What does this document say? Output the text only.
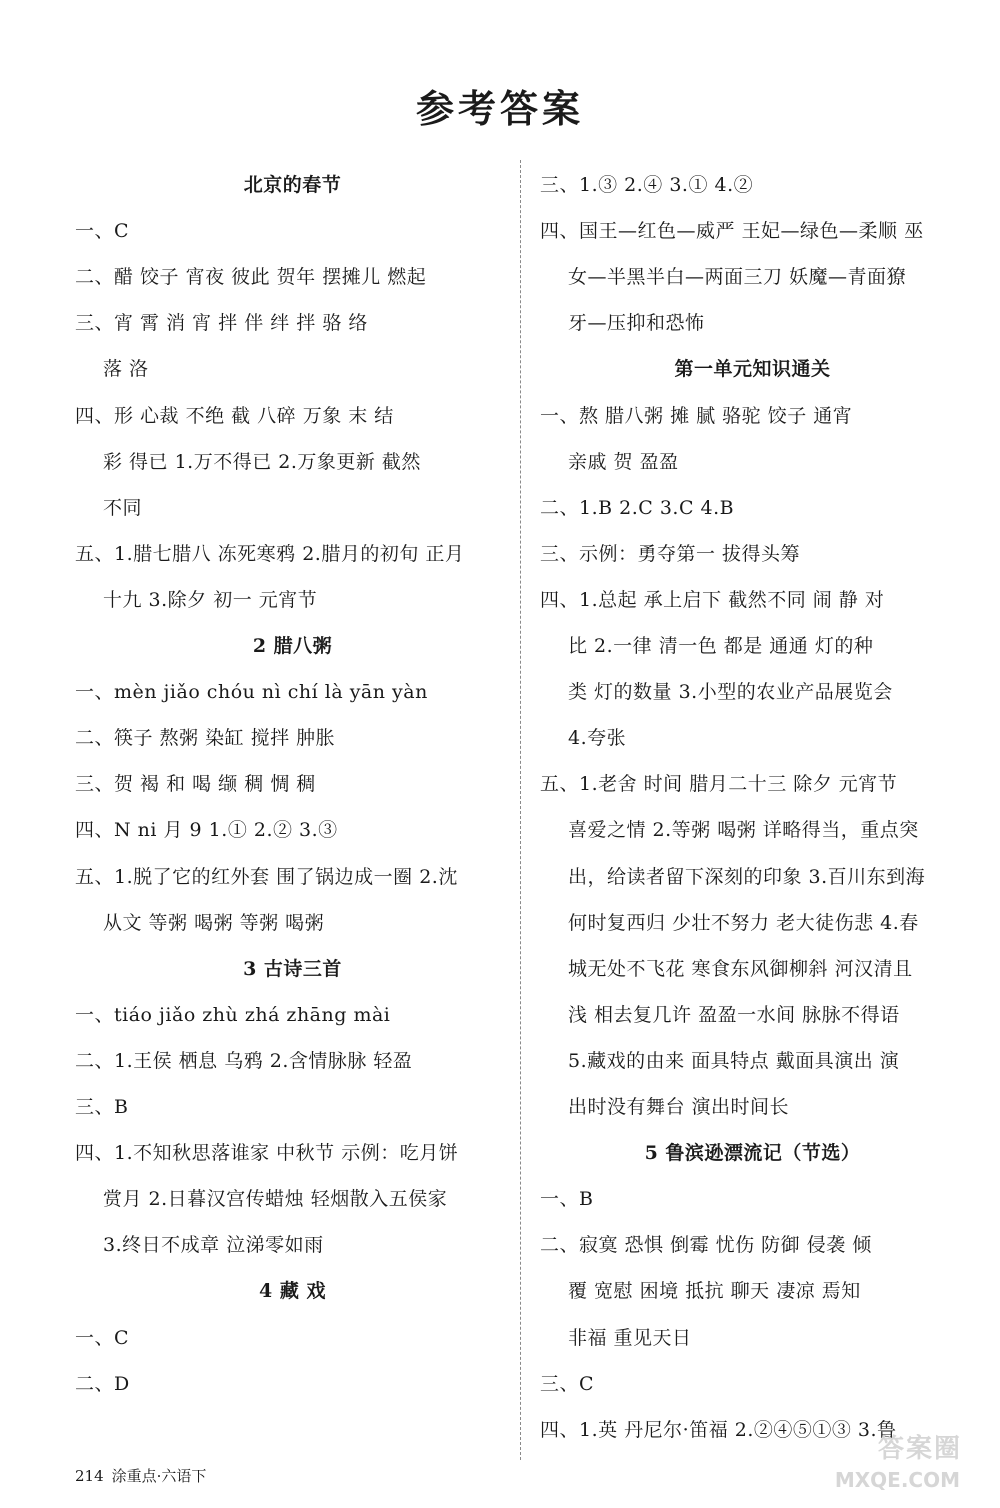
参考答案
北京的春节
一、C
二、醋 饺子 宵夜 彼此 贺年 摆摊儿 燃起
三、宵 霄 消 宵 拌 伴 绊 拌 骆 络
落 洛
四、形 心裁 不绝 截 八碎 万象 末 结
彩 得已 1.万不得已 2.万象更新 截然
不同
五、1.腊七腊八 冻死寒鸦 2.腊月的初旬 正月
十九 3.除夕 初一 元宵节
2 腊八粥
一、mèn jiǎo chóu nì chí là yān yàn
二、筷子 熬粥 染缸 搅拌 肿胀
三、贺 褐 和 喝 缬 稠 惆 稠
四、N ni 月 9 1.① 2.② 3.③
五、1.脱了它的红外套 围了锅边成一圈 2.沈
从文 等粥 喝粥 等粥 喝粥
3 古诗三首
一、tiáo jiǎo zhù zhá zhāng mài
二、1.王侯 栖息 乌鸦 2.含情脉脉 轻盈
三、B
四、1.不知秋思落谁家 中秋节 示例：吃月饼
赏月 2.日暮汉宫传蜡烛 轻烟散入五侯家
3.终日不成章 泣涕零如雨
4 藏 戏
一、C
二、D
三、1.③ 2.④ 3.① 4.②
四、国王—红色—威严 王妃—绿色—柔顺 巫
女—半黑半白—两面三刀 妖魔—青面獠
牙—压抑和恐怖
第一单元知识通关
一、熬 腊八粥 摊 腻 骆驼 饺子 通宵
亲戚 贺 盈盈
二、1.B 2.C 3.C 4.B
三、示例：勇夺第一 拔得头筹
四、1.总起 承上启下 截然不同 闹 静 对
比 2.一律 清一色 都是 通通 灯的种
类 灯的数量 3.小型的农业产品展览会
4.夸张
五、1.老舍 时间 腊月二十三 除夕 元宵节
喜爱之情 2.等粥 喝粥 详略得当，重点突
出，给读者留下深刻的印象 3.百川东到海
何时复西归 少壮不努力 老大徒伤悲 4.春
城无处不飞花 寒食东风御柳斜 河汉清且
浅 相去复几许 盈盈一水间 脉脉不得语
5.藏戏的由来 面具特点 戴面具演出 演
出时没有舞台 演出时间长
5 鲁滨逊漂流记（节选）
一、B
二、寂寞 恐惧 倒霉 忧伤 防御 侵袭 倾
覆 宽慰 困境 抵抗 聊天 凄凉 焉知
非福 重见天日
三、C
四、1.英 丹尼尔·笛福 2.②④⑤①③ 3.鲁
214 涂重点·六语下
答案圈
MXQE.COM
